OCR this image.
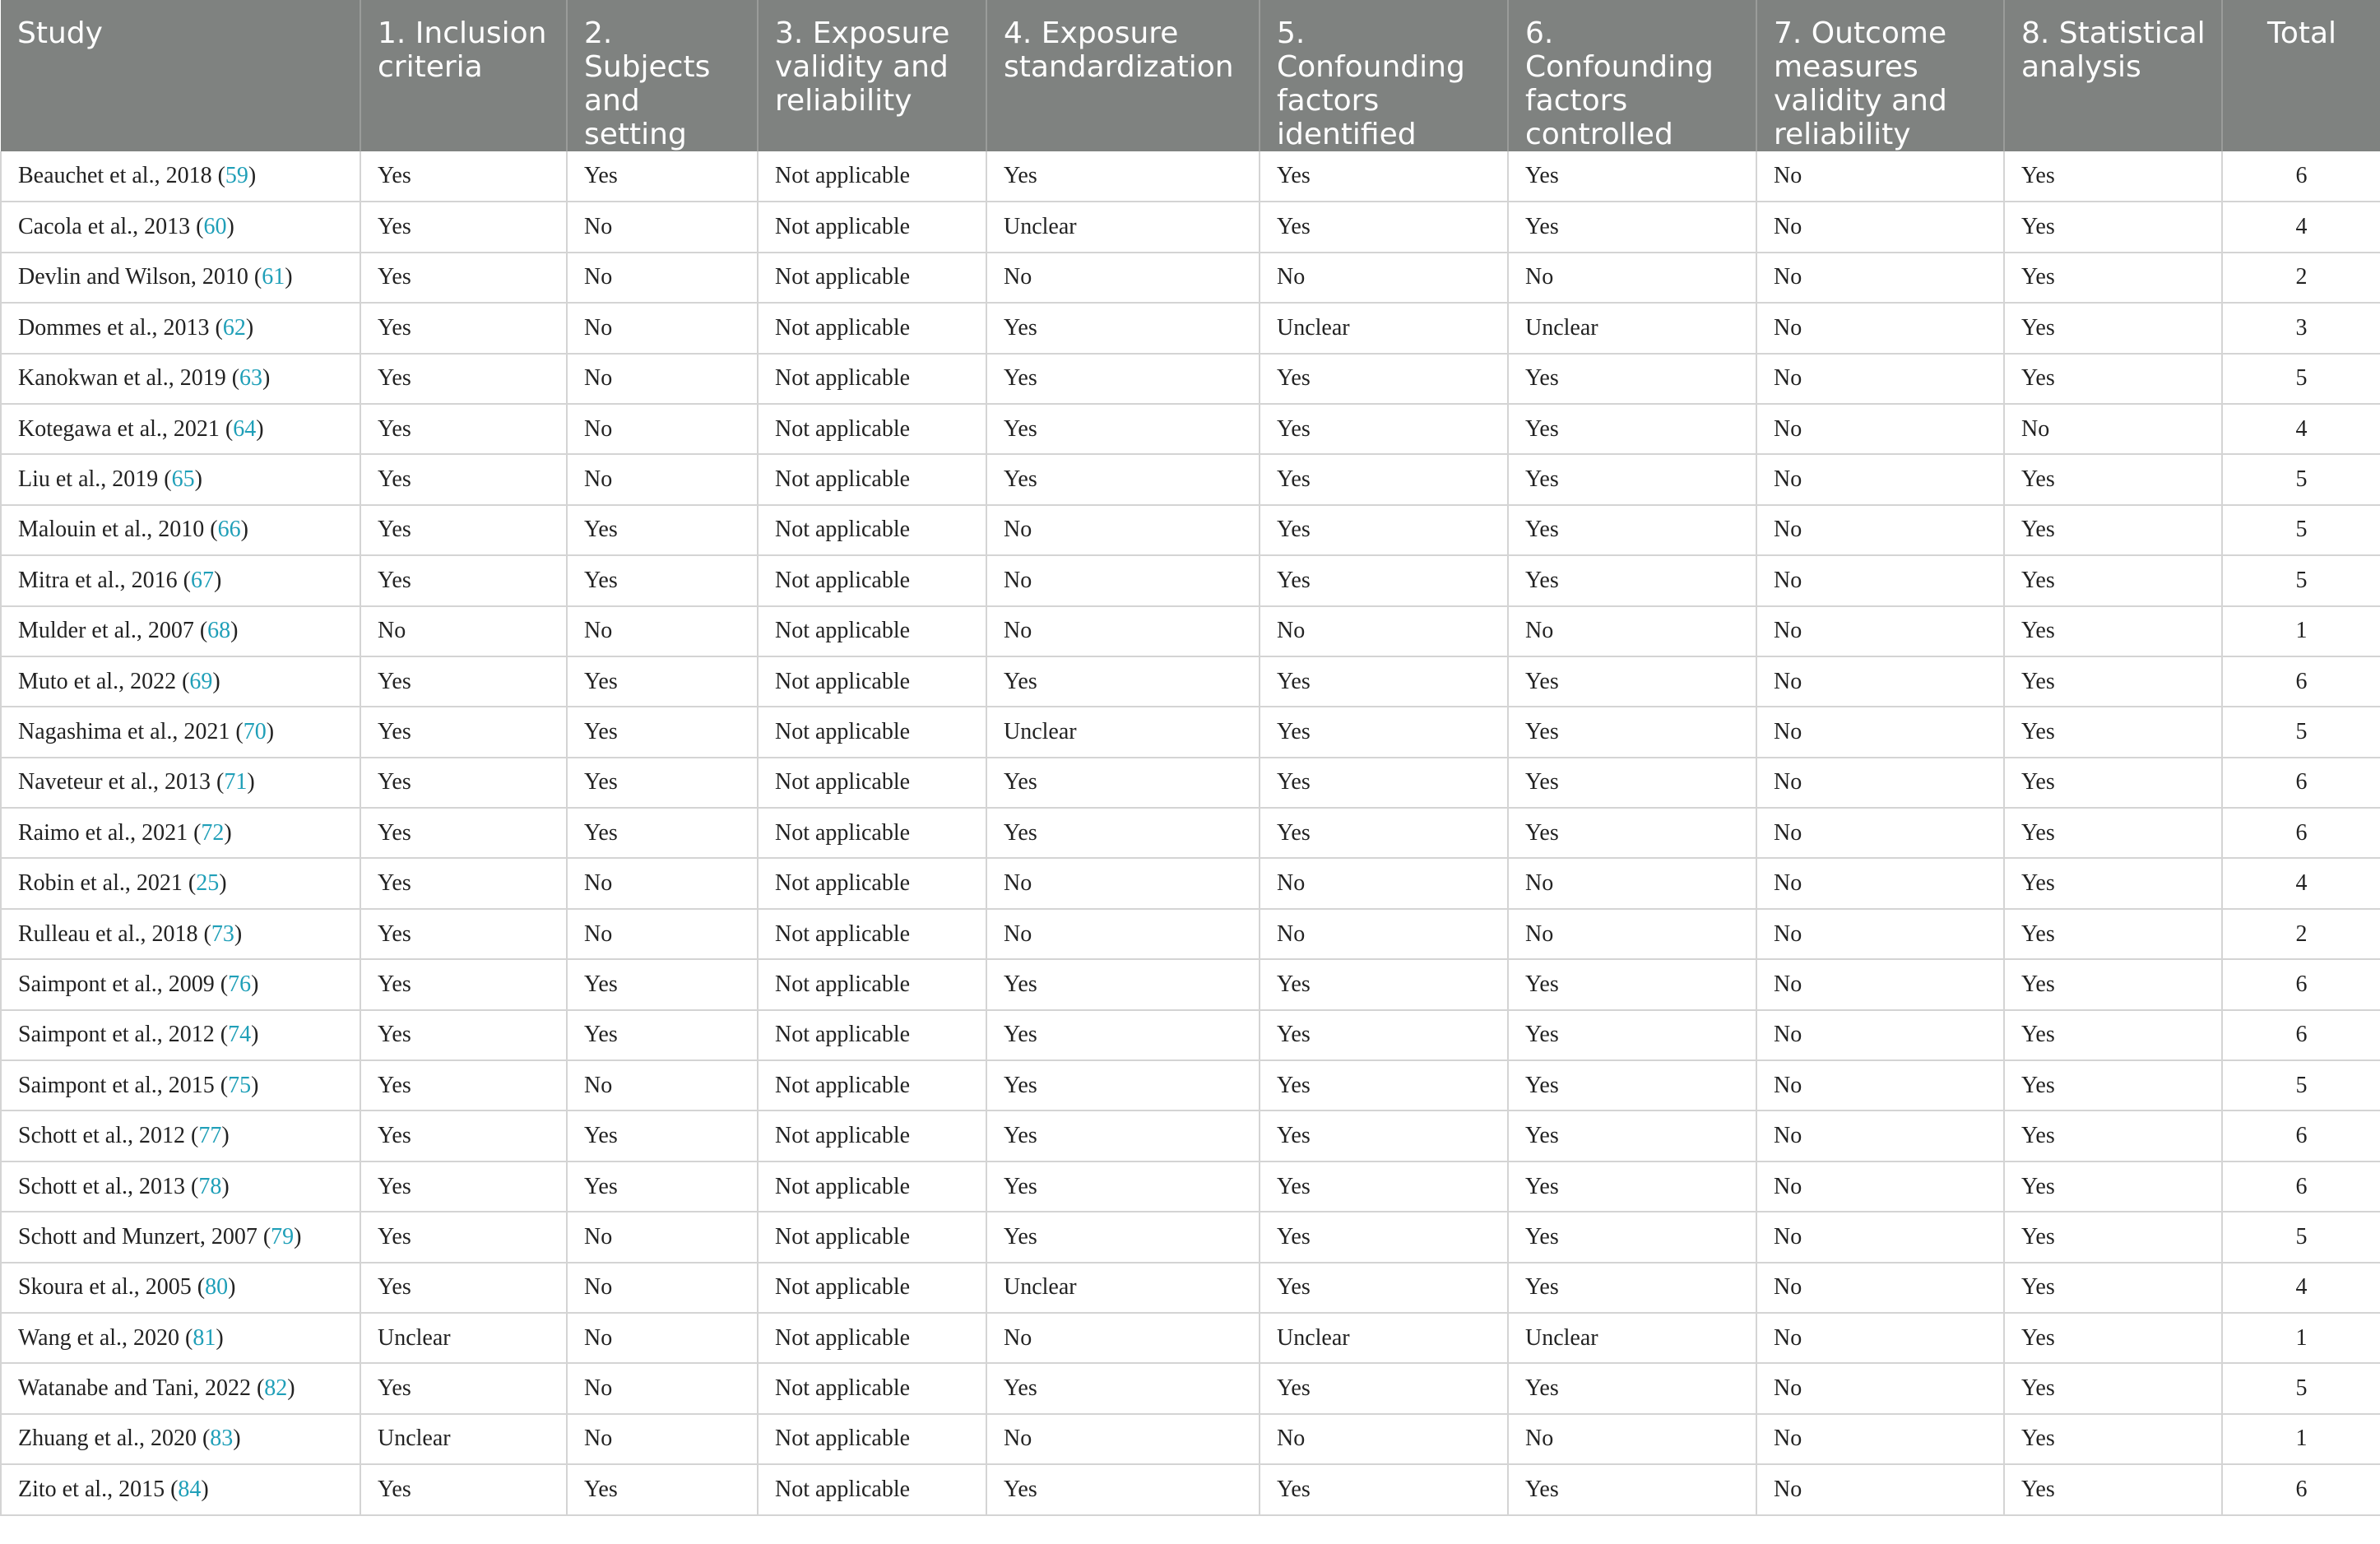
Study	1. Inclusion criteria	2. Subjects and setting	3. Exposure validity and reliability	4. Exposure standardization	5. Confounding factors identified	6. Confounding factors controlled	7. Outcome measures validity and reliability	8. Statistical analysis	Total
Beauchet et al., 2018 (59)	Yes	Yes	Not applicable	Yes	Yes	Yes	No	Yes	6
Cacola et al., 2013 (60)	Yes	No	Not applicable	Unclear	Yes	Yes	No	Yes	4
Devlin and Wilson, 2010 (61)	Yes	No	Not applicable	No	No	No	No	Yes	2
Dommes et al., 2013 (62)	Yes	No	Not applicable	Yes	Unclear	Unclear	No	Yes	3
Kanokwan et al., 2019 (63)	Yes	No	Not applicable	Yes	Yes	Yes	No	Yes	5
Kotegawa et al., 2021 (64)	Yes	No	Not applicable	Yes	Yes	Yes	No	No	4
Liu et al., 2019 (65)	Yes	No	Not applicable	Yes	Yes	Yes	No	Yes	5
Malouin et al., 2010 (66)	Yes	Yes	Not applicable	No	Yes	Yes	No	Yes	5
Mitra et al., 2016 (67)	Yes	Yes	Not applicable	No	Yes	Yes	No	Yes	5
Mulder et al., 2007 (68)	No	No	Not applicable	No	No	No	No	Yes	1
Muto et al., 2022 (69)	Yes	Yes	Not applicable	Yes	Yes	Yes	No	Yes	6
Nagashima et al., 2021 (70)	Yes	Yes	Not applicable	Unclear	Yes	Yes	No	Yes	5
Naveteur et al., 2013 (71)	Yes	Yes	Not applicable	Yes	Yes	Yes	No	Yes	6
Raimo et al., 2021 (72)	Yes	Yes	Not applicable	Yes	Yes	Yes	No	Yes	6
Robin et al., 2021 (25)	Yes	No	Not applicable	No	No	No	No	Yes	4
Rulleau et al., 2018 (73)	Yes	No	Not applicable	No	No	No	No	Yes	2
Saimpont et al., 2009 (76)	Yes	Yes	Not applicable	Yes	Yes	Yes	No	Yes	6
Saimpont et al., 2012 (74)	Yes	Yes	Not applicable	Yes	Yes	Yes	No	Yes	6
Saimpont et al., 2015 (75)	Yes	No	Not applicable	Yes	Yes	Yes	No	Yes	5
Schott et al., 2012 (77)	Yes	Yes	Not applicable	Yes	Yes	Yes	No	Yes	6
Schott et al., 2013 (78)	Yes	Yes	Not applicable	Yes	Yes	Yes	No	Yes	6
Schott and Munzert, 2007 (79)	Yes	No	Not applicable	Yes	Yes	Yes	No	Yes	5
Skoura et al., 2005 (80)	Yes	No	Not applicable	Unclear	Yes	Yes	No	Yes	4
Wang et al., 2020 (81)	Unclear	No	Not applicable	No	Unclear	Unclear	No	Yes	1
Watanabe and Tani, 2022 (82)	Yes	No	Not applicable	Yes	Yes	Yes	No	Yes	5
Zhuang et al., 2020 (83)	Unclear	No	Not applicable	No	No	No	No	Yes	1
Zito et al., 2015 (84)	Yes	Yes	Not applicable	Yes	Yes	Yes	No	Yes	6
